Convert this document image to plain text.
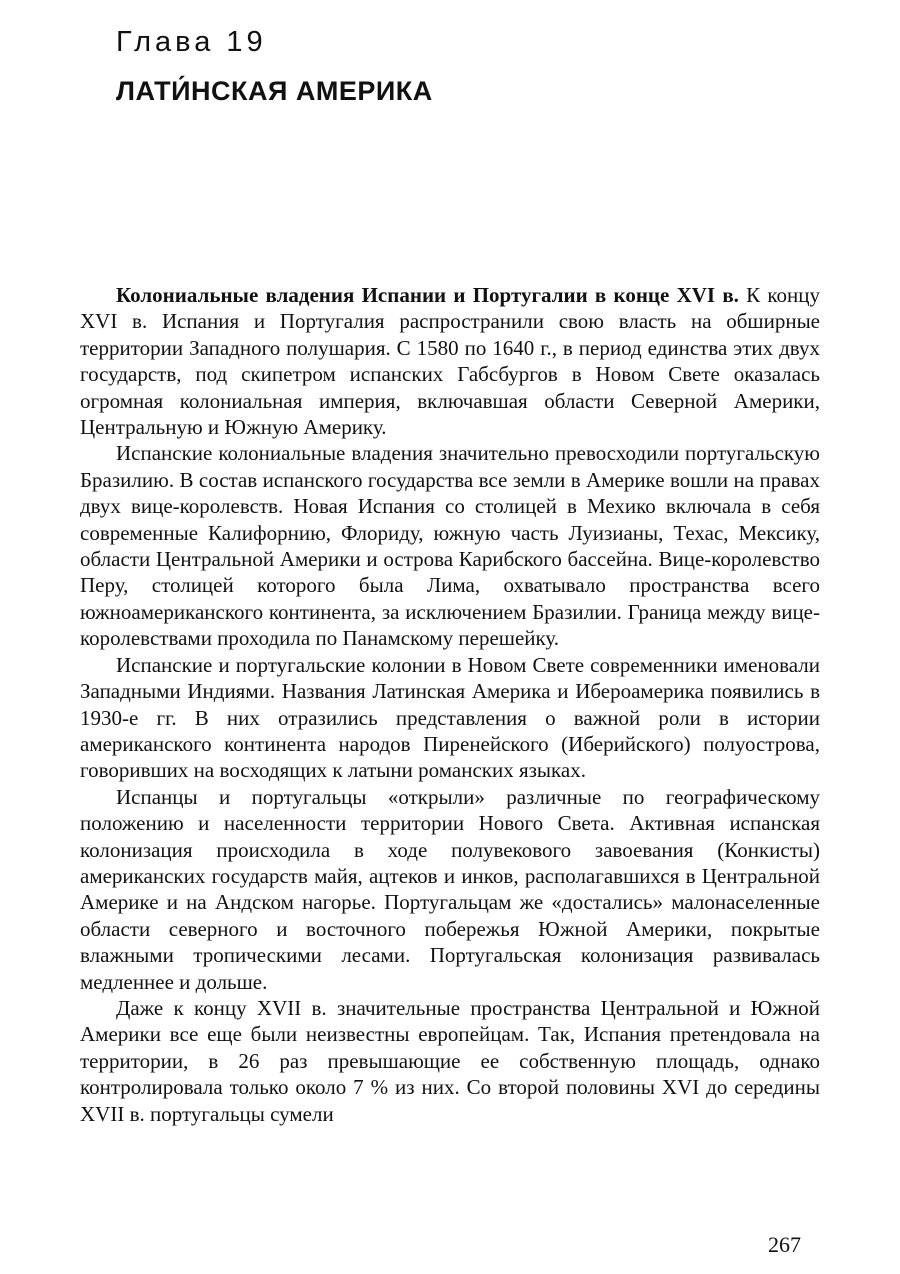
Глава 19
ЛАТИ́НСКАЯ АМЕРИКА

Колониальные владения Испании и Португалии в конце XVI в. К концу XVI в. Испания и Португалия распространили свою власть на обширные территории Западного полушария. С 1580 по 1640 г., в период единства этих двух государств, под скипетром испанских Габсбургов в Новом Свете оказалась огромная колониальная империя, включавшая области Северной Америки, Центральную и Южную Америку.

Испанские колониальные владения значительно превосходили португальскую Бразилию. В состав испанского государства все земли в Америке вошли на правах двух вице-королевств. Новая Испания со столицей в Мехико включала в себя современные Калифорнию, Флориду, южную часть Луизианы, Техас, Мексику, области Центральной Америки и острова Карибского бассейна. Вице-королевство Перу, столицей которого была Лима, охватывало пространства всего южноамериканского континента, за исключением Бразилии. Граница между вице-королевствами проходила по Панамскому перешейку.

Испанские и португальские колонии в Новом Свете современники именовали Западными Индиями. Названия Латинская Америка и Ибероамерика появились в 1930-е гг. В них отразились представления о важной роли в истории американского континента народов Пиренейского (Иберийского) полуострова, говоривших на восходящих к латыни романских языках.

Испанцы и португальцы «открыли» различные по географическому положению и населенности территории Нового Света. Активная испанская колонизация происходила в ходе полувекового завоевания (Конкисты) американских государств майя, ацтеков и инков, располагавшихся в Центральной Америке и на Андском нагорье. Португальцам же «достались» малонаселенные области северного и восточного побережья Южной Америки, покрытые влажными тропическими лесами. Португальская колонизация развивалась медленнее и дольше.

Даже к концу XVII в. значительные пространства Центральной и Южной Америки все еще были неизвестны европейцам. Так, Испания претендовала на территории, в 26 раз превышающие ее собственную площадь, однако контролировала только около 7 % из них. Со второй половины XVI до середины XVII в. португальцы сумели

267
